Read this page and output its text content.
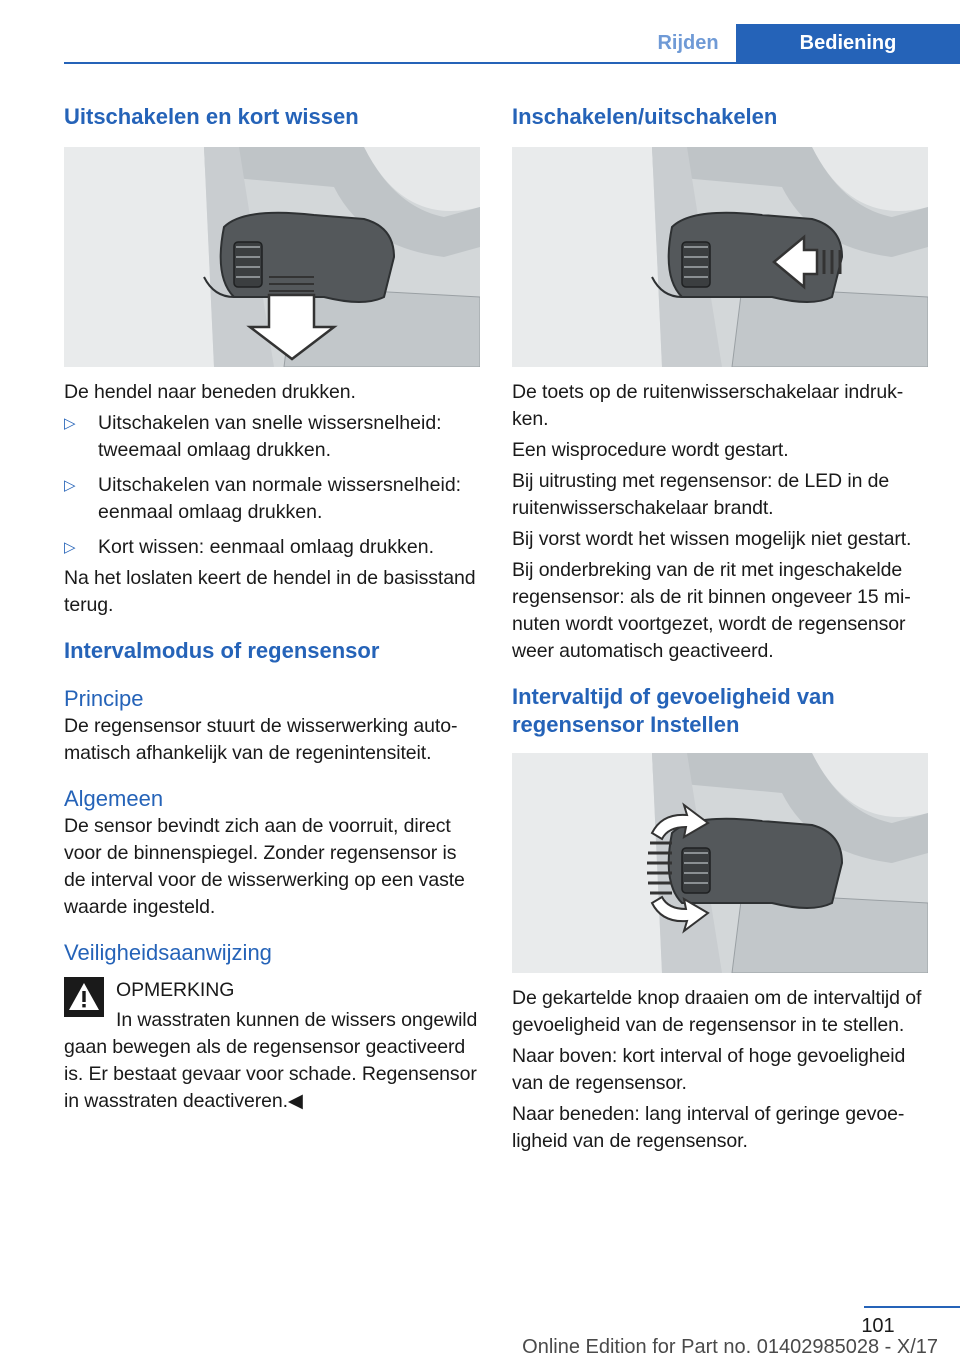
Rijden	Bediening
Uitschakelen en kort wissen

De hendel naar beneden drukken.

▷ Uitschakelen van snelle wissersnelheid: tweemaal omlaag drukken.
▷ Uitschakelen van normale wissersnelheid: eenmaal omlaag drukken.
▷ Kort wissen: eenmaal omlaag drukken.

Na het loslaten keert de hendel in de basisstand terug.

Intervalmodus of regensensor
Principe

De regensensor stuurt de wisserwerking automatisch afhankelijk van de regenintensiteit.

Algemeen

De sensor bevindt zich aan de voorruit, direct voor de binnenspiegel. Zonder regensensor is de interval voor de wisserwerking op een vaste waarde ingesteld.

Veiligheidsaanwijzing

OPMERKING

In wasstraten kunnen de wissers ongewild gaan bewegen als de regensensor geactiveerd is. Er bestaat gevaar voor schade. Regensensor in wasstraten deactiveren.◀

Inschakelen/uitschakelen

De toets op de ruitenwisserschakelaar indrukken.

Een wisprocedure wordt gestart.

Bij uitrusting met regensensor: de LED in de ruitenwisserschakelaar brandt.

Bij vorst wordt het wissen mogelijk niet gestart.

Bij onderbreking van de rit met ingeschakelde regensensor: als de rit binnen ongeveer 15 minuten wordt voortgezet, wordt de regensensor weer automatisch geactiveerd.

Intervaltijd of gevoeligheid van regensensor Instellen

De gekartelde knop draaien om de intervaltijd of gevoeligheid van de regensensor in te stellen.

Naar boven: kort interval of hoge gevoeligheid van de regensensor.

Naar beneden: lang interval of geringe gevoeligheid van de regensensor.

101
Online Edition for Part no. 01402985028 - X/17
